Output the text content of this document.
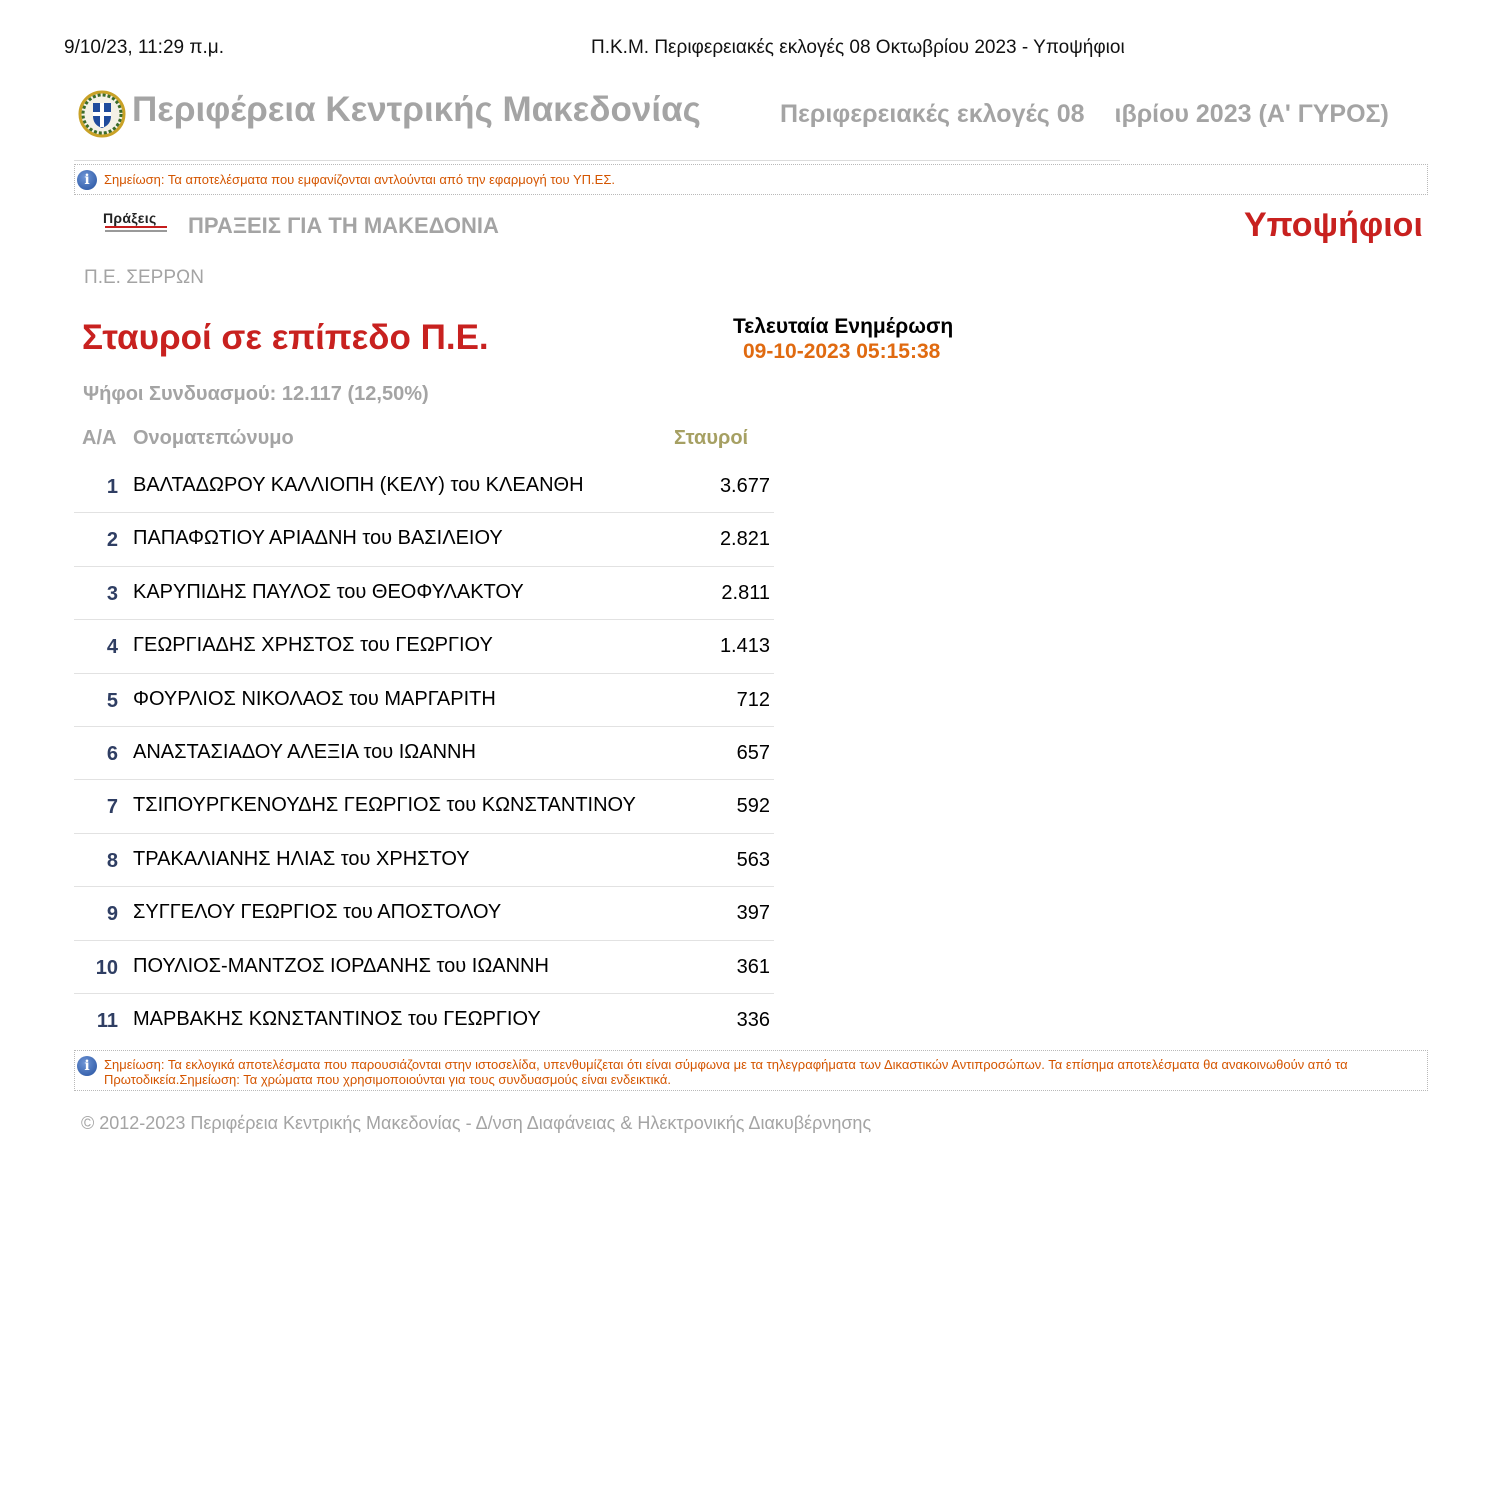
9/10/23, 11:29 π.μ.	Π.Κ.Μ. Περιφερειακές εκλογές 08 Οκτωβρίου 2023 - Υποψήφιοι
Περιφέρεια Κεντρικής Μακεδονίας	Περιφερειακές εκλογές 08 ιβρίου 2023 (Α' ΓΥΡΟΣ)
i	Σημείωση: Τα αποτελέσματα που εμφανίζονται αντλούνται από την εφαρμογή του ΥΠ.ΕΣ.
Πράξεις ΠΡΑΞΕΙΣ ΓΙΑ ΤΗ ΜΑΚΕΔΟΝΙΑ	Υποψήφιοι
Π.Ε. ΣΕΡΡΩΝ
Σταυροί σε επίπεδο Π.Ε.	Τελευταία Ενημέρωση
09-10-2023 05:15:38
Ψήφοι Συνδυασμού: 12.117 (12,50%)
Α/Α Ονοματεπώνυμο	Σταυροί
1 ΒΑΛΤΑΔΩΡΟΥ ΚΑΛΛΙΟΠΗ (ΚΕΛΥ) του ΚΛΕΑΝΘΗ	3.677
2 ΠΑΠΑΦΩΤΙΟΥ ΑΡΙΑΔΝΗ του ΒΑΣΙΛΕΙΟΥ	2.821
3 ΚΑΡΥΠΙΔΗΣ ΠΑΥΛΟΣ του ΘΕΟΦΥΛΑΚΤΟΥ	2.811
4 ΓΕΩΡΓΙΑΔΗΣ ΧΡΗΣΤΟΣ του ΓΕΩΡΓΙΟΥ	1.413
5 ΦΟΥΡΛΙΟΣ ΝΙΚΟΛΑΟΣ του ΜΑΡΓΑΡΙΤΗ	712
6 ΑΝΑΣΤΑΣΙΑΔΟΥ ΑΛΕΞΙΑ του ΙΩΑΝΝΗ	657
7 ΤΣΙΠΟΥΡΓΚΕΝΟΥΔΗΣ ΓΕΩΡΓΙΟΣ του ΚΩΝΣΤΑΝΤΙΝΟΥ	592
8 ΤΡΑΚΑΛΙΑΝΗΣ ΗΛΙΑΣ του ΧΡΗΣΤΟΥ	563
9 ΣΥΓΓΕΛΟΥ ΓΕΩΡΓΙΟΣ του ΑΠΟΣΤΟΛΟΥ	397
10 ΠΟΥΛΙΟΣ-ΜΑΝΤΖΟΣ ΙΟΡΔΑΝΗΣ του ΙΩΑΝΝΗ	361
11 ΜΑΡΒΑΚΗΣ ΚΩΝΣΤΑΝΤΙΝΟΣ του ΓΕΩΡΓΙΟΥ	336
i	Σημείωση: Τα εκλογικά αποτελέσματα που παρουσιάζονται στην ιστοσελίδα, υπενθυμίζεται ότι είναι σύμφωνα με τα τηλεγραφήματα των Δικαστικών Αντιπροσώπων. Τα επίσημα αποτελέσματα θα ανακοινωθούν από τα Πρωτοδικεία.Σημείωση: Τα χρώματα που χρησιμοποιούνται για τους συνδυασμούς είναι ενδεικτικά.
© 2012-2023 Περιφέρεια Κεντρικής Μακεδονίας - Δ/νση Διαφάνειας & Ηλεκτρονικής Διακυβέρνησης
